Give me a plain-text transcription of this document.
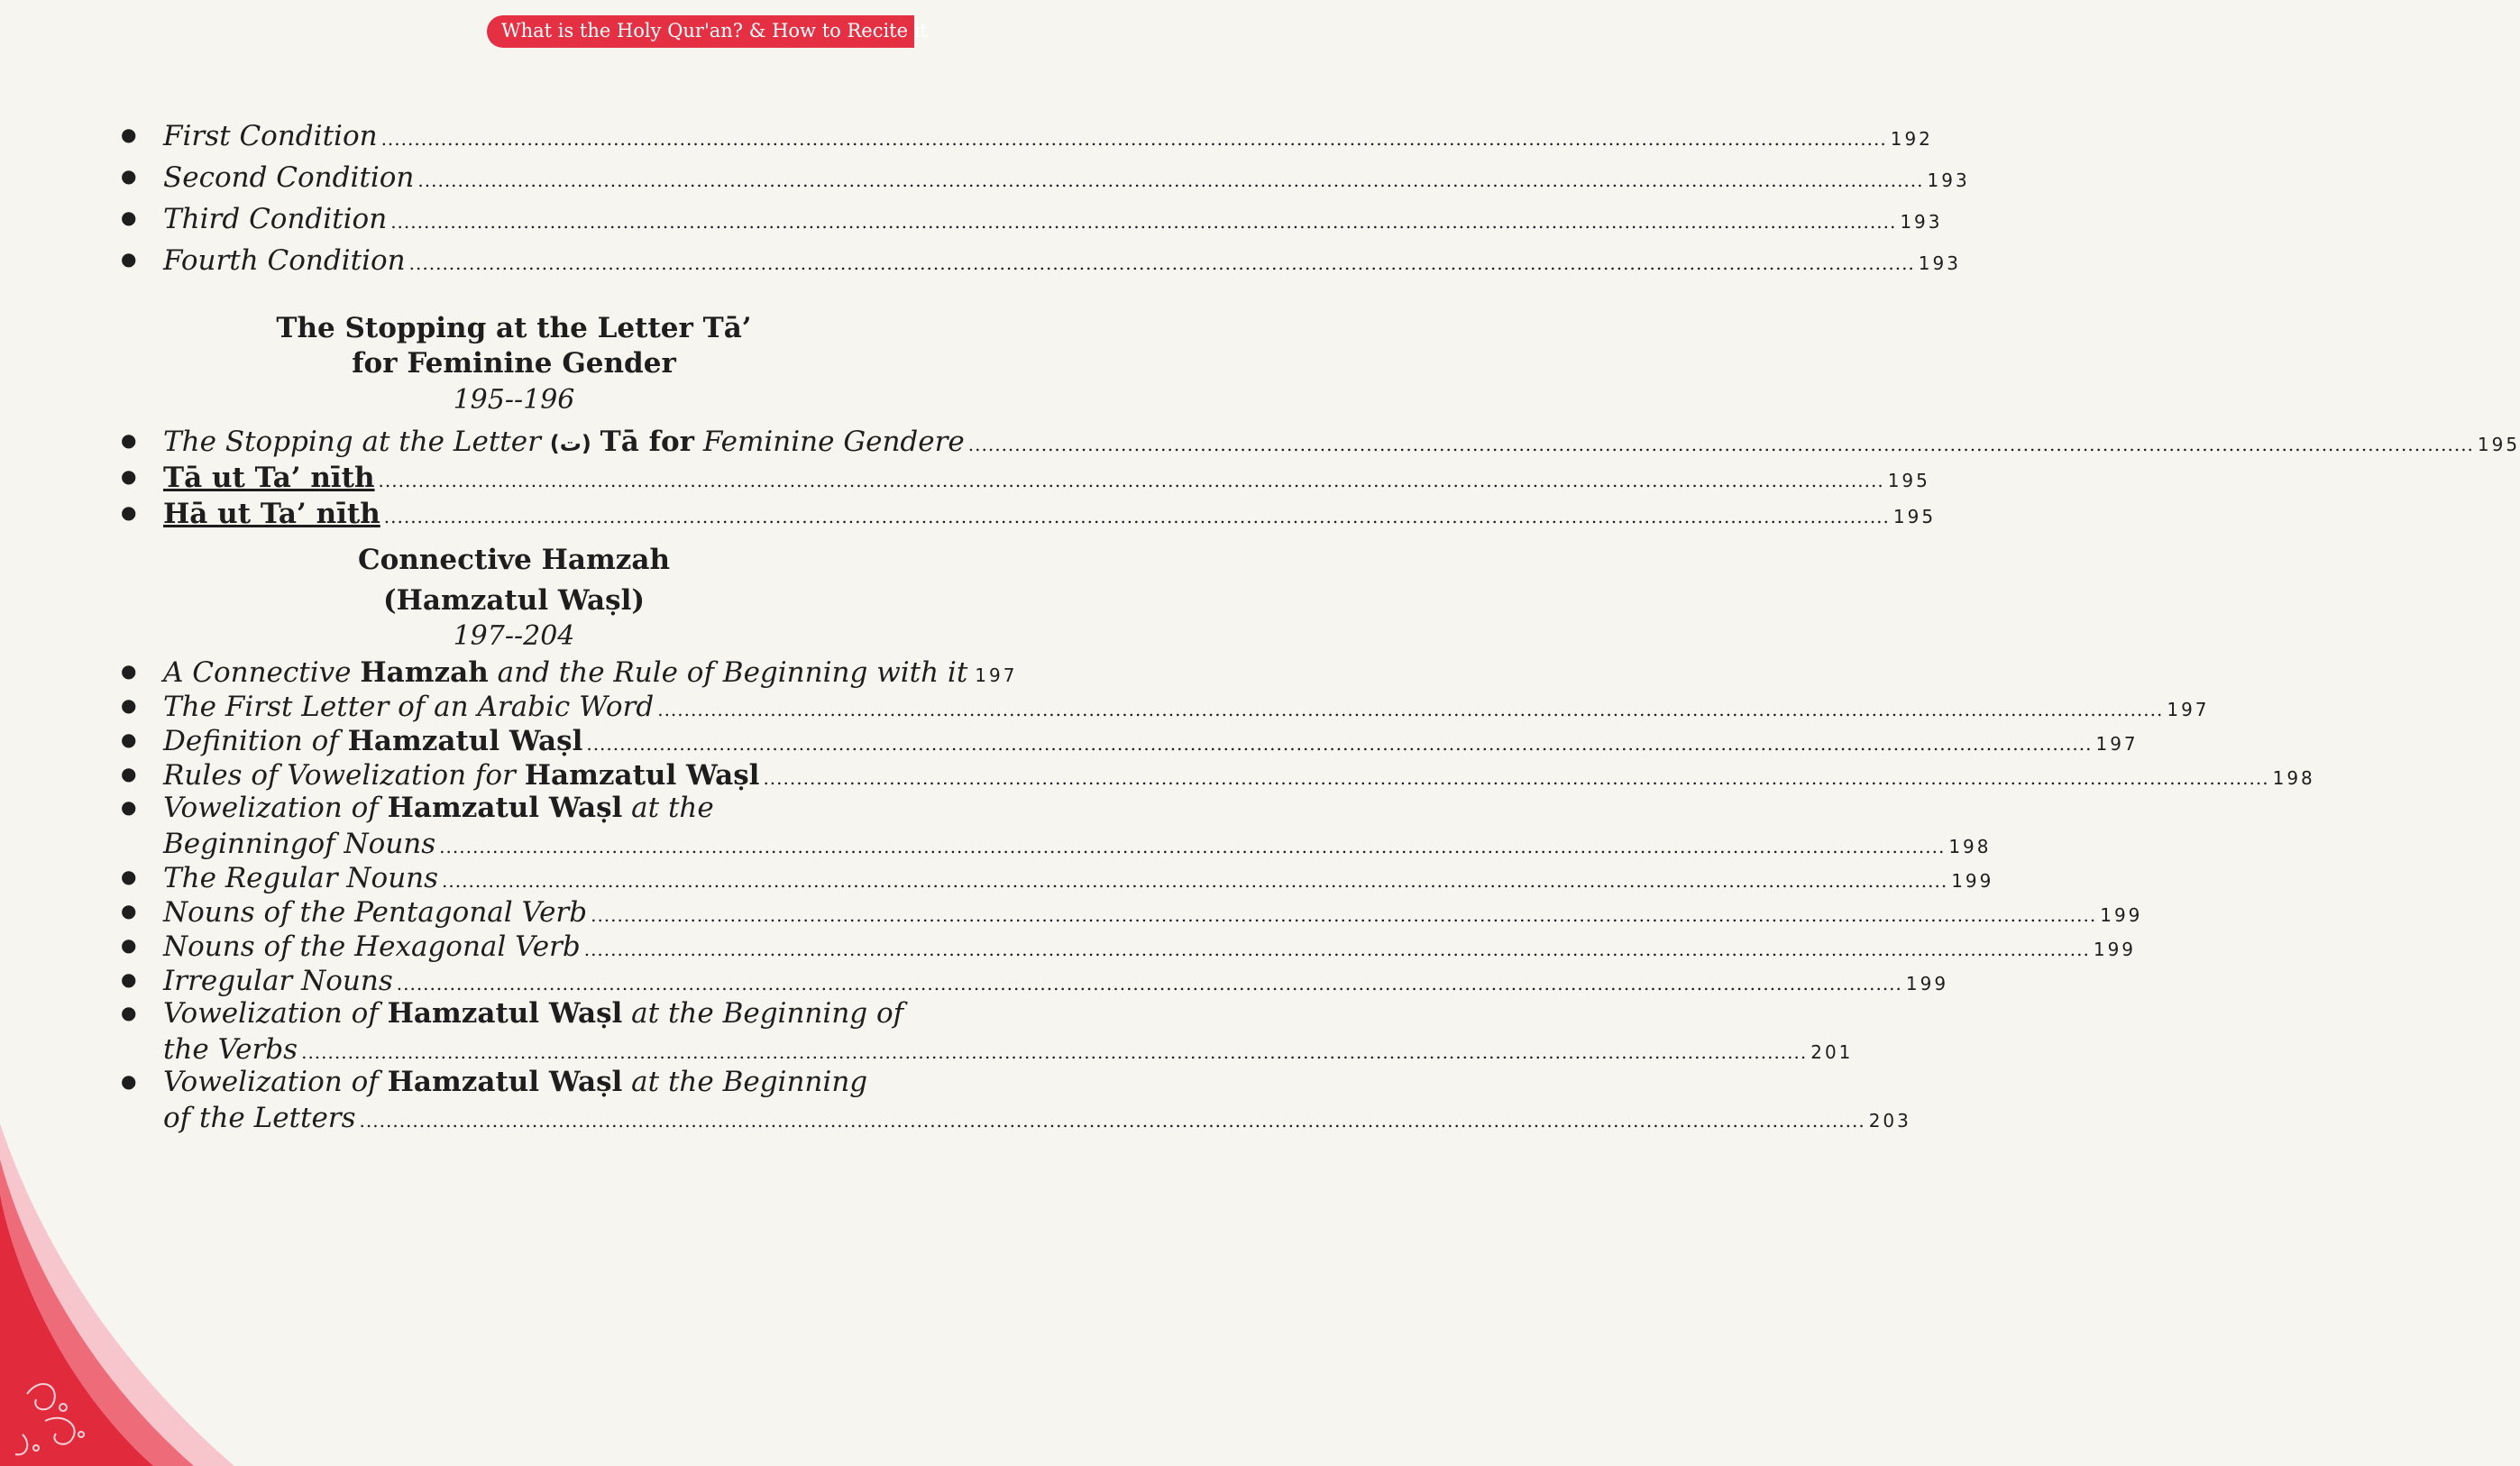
What is the Holy Qur'an? & How to Recite it
● First Condition .....	192
● Second Condition .....	193
● Third Condition .....	193
● Fourth Condition .....	193
The Stopping at the Letter Tā’
for Feminine Gender
195--196
● The Stopping at the Letter (ت) Tā for Feminine Gendere .....	195
● Tā ut Ta’ nīth .....	195
● Hā ut Ta’ nīth .....	195
Connective Hamzah
(Hamzatul Waṣl)
197--204
● A Connective Hamzah and the Rule of Beginning with it 197
● The First Letter of an Arabic Word .....	197
● Definition of Hamzatul Waṣl .....	197
● Rules of Vowelization for Hamzatul Waṣl .....	198
● Vowelization of Hamzatul Waṣl at the
Beginningof Nouns .....	198
● The Regular Nouns .....	199
● Nouns of the Pentagonal Verb .....	199
● Nouns of the Hexagonal Verb .....	199
● Irregular Nouns .....	199
● Vowelization of Hamzatul Waṣl at the Beginning of
the Verbs .....	201
● Vowelization of Hamzatul Waṣl at the Beginning
of the Letters .....	203
